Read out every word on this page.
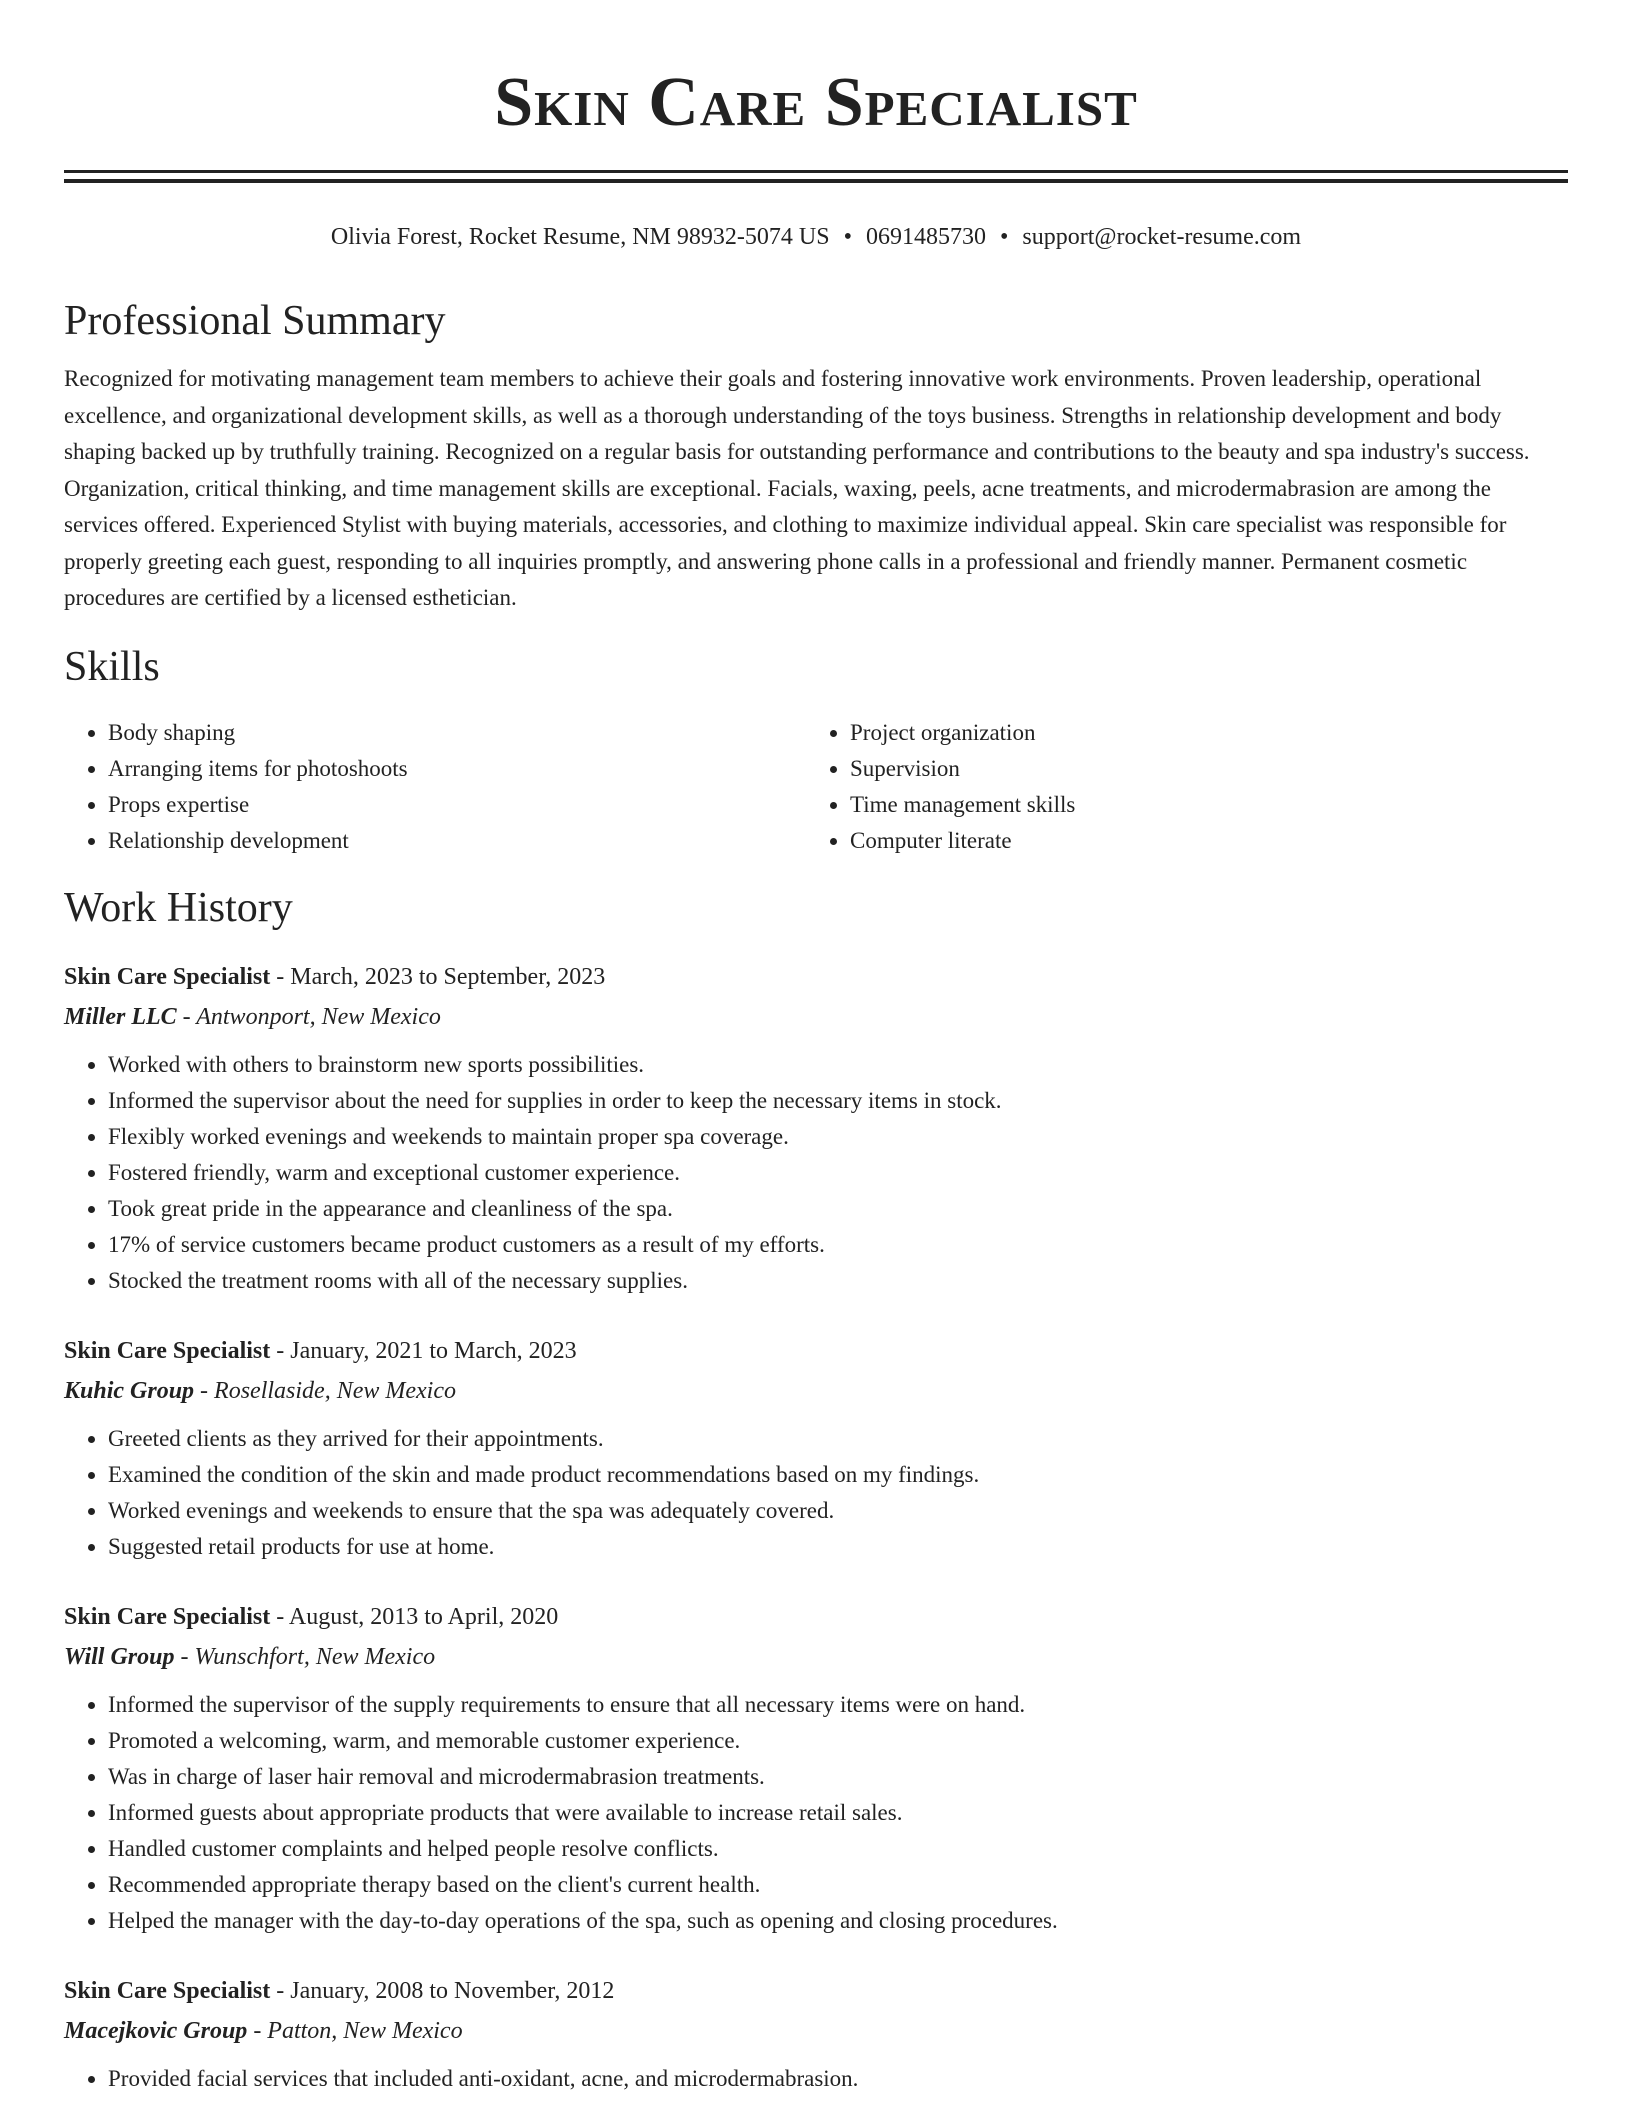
Skin Care Specialist
Olivia Forest, Rocket Resume, NM 98932-5074 US • 0691485730 • support@rocket-resume.com
Professional Summary
Recognized for motivating management team members to achieve their goals and fostering innovative work environments. Proven leadership, operational excellence, and organizational development skills, as well as a thorough understanding of the toys business. Strengths in relationship development and body shaping backed up by truthfully training. Recognized on a regular basis for outstanding performance and contributions to the beauty and spa industry's success. Organization, critical thinking, and time management skills are exceptional. Facials, waxing, peels, acne treatments, and microdermabrasion are among the services offered. Experienced Stylist with buying materials, accessories, and clothing to maximize individual appeal. Skin care specialist was responsible for properly greeting each guest, responding to all inquiries promptly, and answering phone calls in a professional and friendly manner. Permanent cosmetic procedures are certified by a licensed esthetician.
Skills
• Body shaping
• Arranging items for photoshoots
• Props expertise
• Relationship development
• Project organization
• Supervision
• Time management skills
• Computer literate
Work History
Skin Care Specialist - March, 2023 to September, 2023
Miller LLC - Antwonport, New Mexico
• Worked with others to brainstorm new sports possibilities.
• Informed the supervisor about the need for supplies in order to keep the necessary items in stock.
• Flexibly worked evenings and weekends to maintain proper spa coverage.
• Fostered friendly, warm and exceptional customer experience.
• Took great pride in the appearance and cleanliness of the spa.
• 17% of service customers became product customers as a result of my efforts.
• Stocked the treatment rooms with all of the necessary supplies.
Skin Care Specialist - January, 2021 to March, 2023
Kuhic Group - Rosellaside, New Mexico
• Greeted clients as they arrived for their appointments.
• Examined the condition of the skin and made product recommendations based on my findings.
• Worked evenings and weekends to ensure that the spa was adequately covered.
• Suggested retail products for use at home.
Skin Care Specialist - August, 2013 to April, 2020
Will Group - Wunschfort, New Mexico
• Informed the supervisor of the supply requirements to ensure that all necessary items were on hand.
• Promoted a welcoming, warm, and memorable customer experience.
• Was in charge of laser hair removal and microdermabrasion treatments.
• Informed guests about appropriate products that were available to increase retail sales.
• Handled customer complaints and helped people resolve conflicts.
• Recommended appropriate therapy based on the client's current health.
• Helped the manager with the day-to-day operations of the spa, such as opening and closing procedures.
Skin Care Specialist - January, 2008 to November, 2012
Macejkovic Group - Patton, New Mexico
• Provided facial services that included anti-oxidant, acne, and microdermabrasion.
